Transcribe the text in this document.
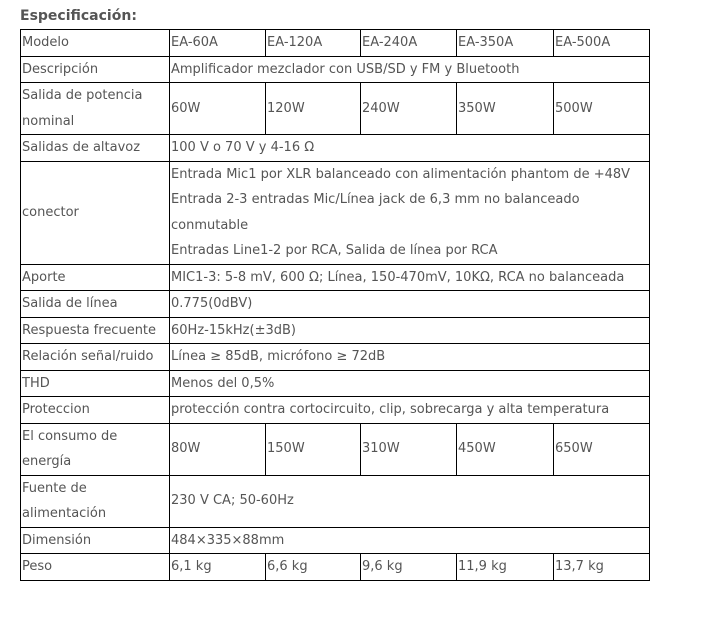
Especificación:
Modelo	EA-60A	EA-120A	EA-240A	EA-350A	EA-500A
Descripción	Amplificador mezclador con USB/SD y FM y Bluetooth				
Salida de potencia nominal	60W	120W	240W	350W	500W
Salidas de altavoz	100 V o 70 V y 4-16 Ω				
conector	Entrada Mic1 por XLR balanceado con alimentación phantom de +48V
Entrada 2-3 entradas Mic/Línea jack de 6,3 mm no balanceado conmutable
Entradas Line1-2 por RCA, Salida de línea por RCA				

Aporte	MIC1-3: 5-8 mV, 600 Ω; Línea, 150-470mV, 10KΩ, RCA no balanceada				
Salida de línea	0.775(0dBV)				
Respuesta frecuente	60Hz-15kHz(±3dB)				
Relación señal/ruido	Línea ≥ 85dB, micrófono ≥ 72dB				
THD	Menos del 0,5%				
Proteccion	protección contra cortocircuito, clip, sobrecarga y alta temperatura				
El consumo de energía	80W	150W	310W	450W	650W
Fuente de alimentación	230 V CA; 50-60Hz				
Dimensión	484×335×88mm				
Peso	6,1 kg	6,6 kg	9,6 kg	11,9 kg	13,7 kg
